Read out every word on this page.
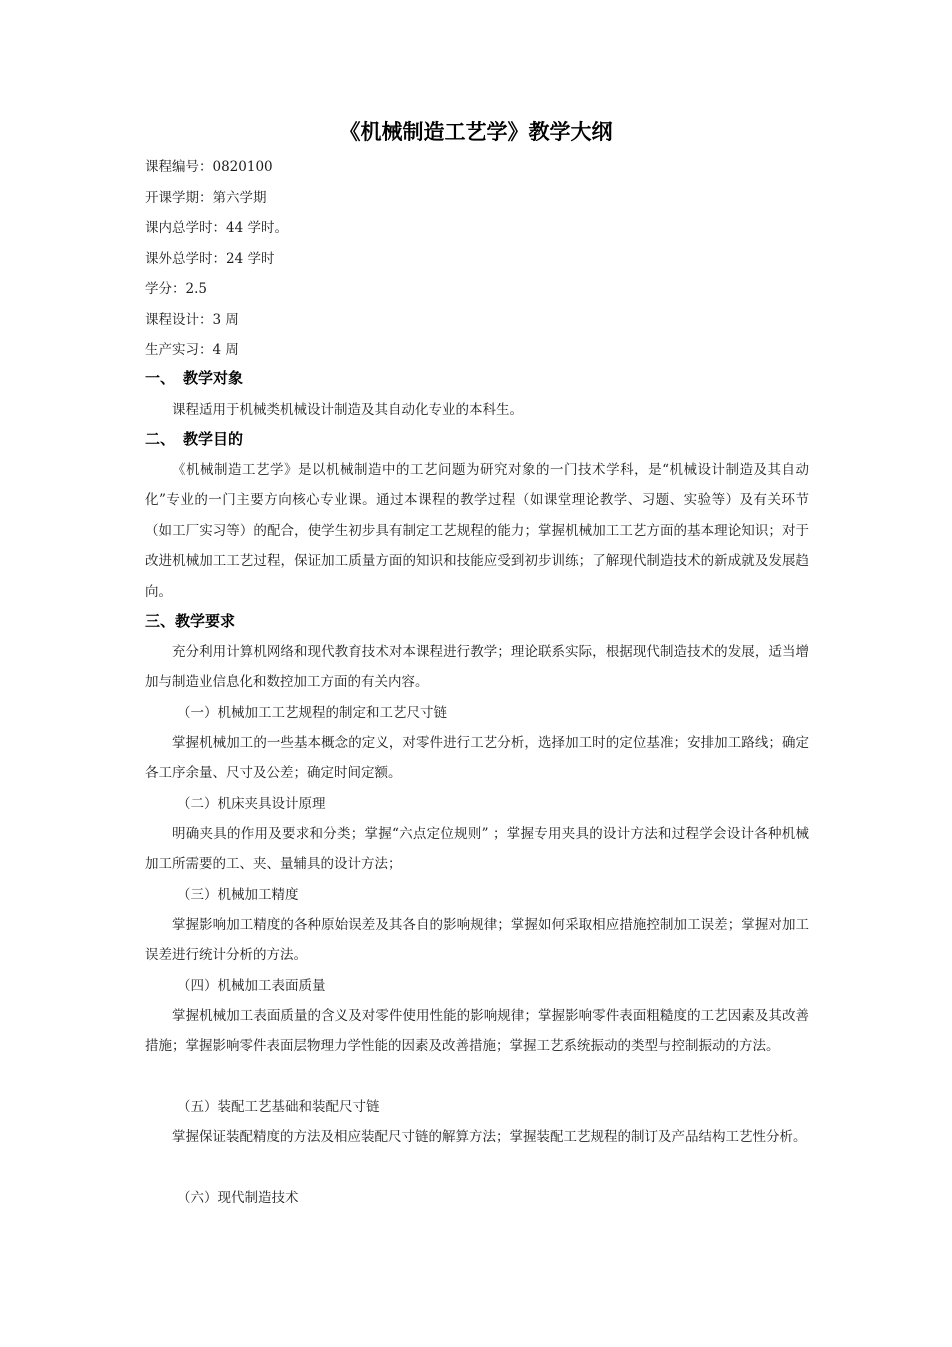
《机械制造工艺学》教学大纲
课程编号：0820100
开课学期：第六学期
课内总学时：44 学时。
课外总学时：24 学时
学分：2.5
课程设计：3 周
生产实习：4 周
一、 教学对象

课程适用于机械类机械设计制造及其自动化专业的本科生。

二、 教学目的

《机械制造工艺学》是以机械制造中的工艺问题为研究对象的一门技术学科，是“机械设计制造及其自动化”专业的一门主要方向核心专业课。通过本课程的教学过程（如课堂理论教学、习题、实验等）及有关环节（如工厂实习等）的配合，使学生初步具有制定工艺规程的能力；掌握机械加工工艺方面的基本理论知识；对于改进机械加工工艺过程，保证加工质量方面的知识和技能应受到初步训练；了解现代制造技术的新成就及发展趋向。

三、教学要求

充分利用计算机网络和现代教育技术对本课程进行教学；理论联系实际，根据现代制造技术的发展，适当增加与制造业信息化和数控加工方面的有关内容。

（一）机械加工工艺规程的制定和工艺尺寸链

掌握机械加工的一些基本概念的定义，对零件进行工艺分析，选择加工时的定位基准；安排加工路线；确定各工序余量、尺寸及公差；确定时间定额。

（二）机床夹具设计原理

明确夹具的作用及要求和分类；掌握“六点定位规则” ；掌握专用夹具的设计方法和过程学会设计各种机械加工所需要的工、夹、量辅具的设计方法；

（三）机械加工精度

掌握影响加工精度的各种原始误差及其各自的影响规律；掌握如何采取相应措施控制加工误差；掌握对加工误差进行统计分析的方法。

（四）机械加工表面质量

掌握机械加工表面质量的含义及对零件使用性能的影响规律；掌握影响零件表面粗糙度的工艺因素及其改善措施；掌握影响零件表面层物理力学性能的因素及改善措施；掌握工艺系统振动的类型与控制振动的方法。

（五）装配工艺基础和装配尺寸链

掌握保证装配精度的方法及相应装配尺寸链的解算方法；掌握装配工艺规程的制订及产品结构工艺性分析。

（六）现代制造技术
